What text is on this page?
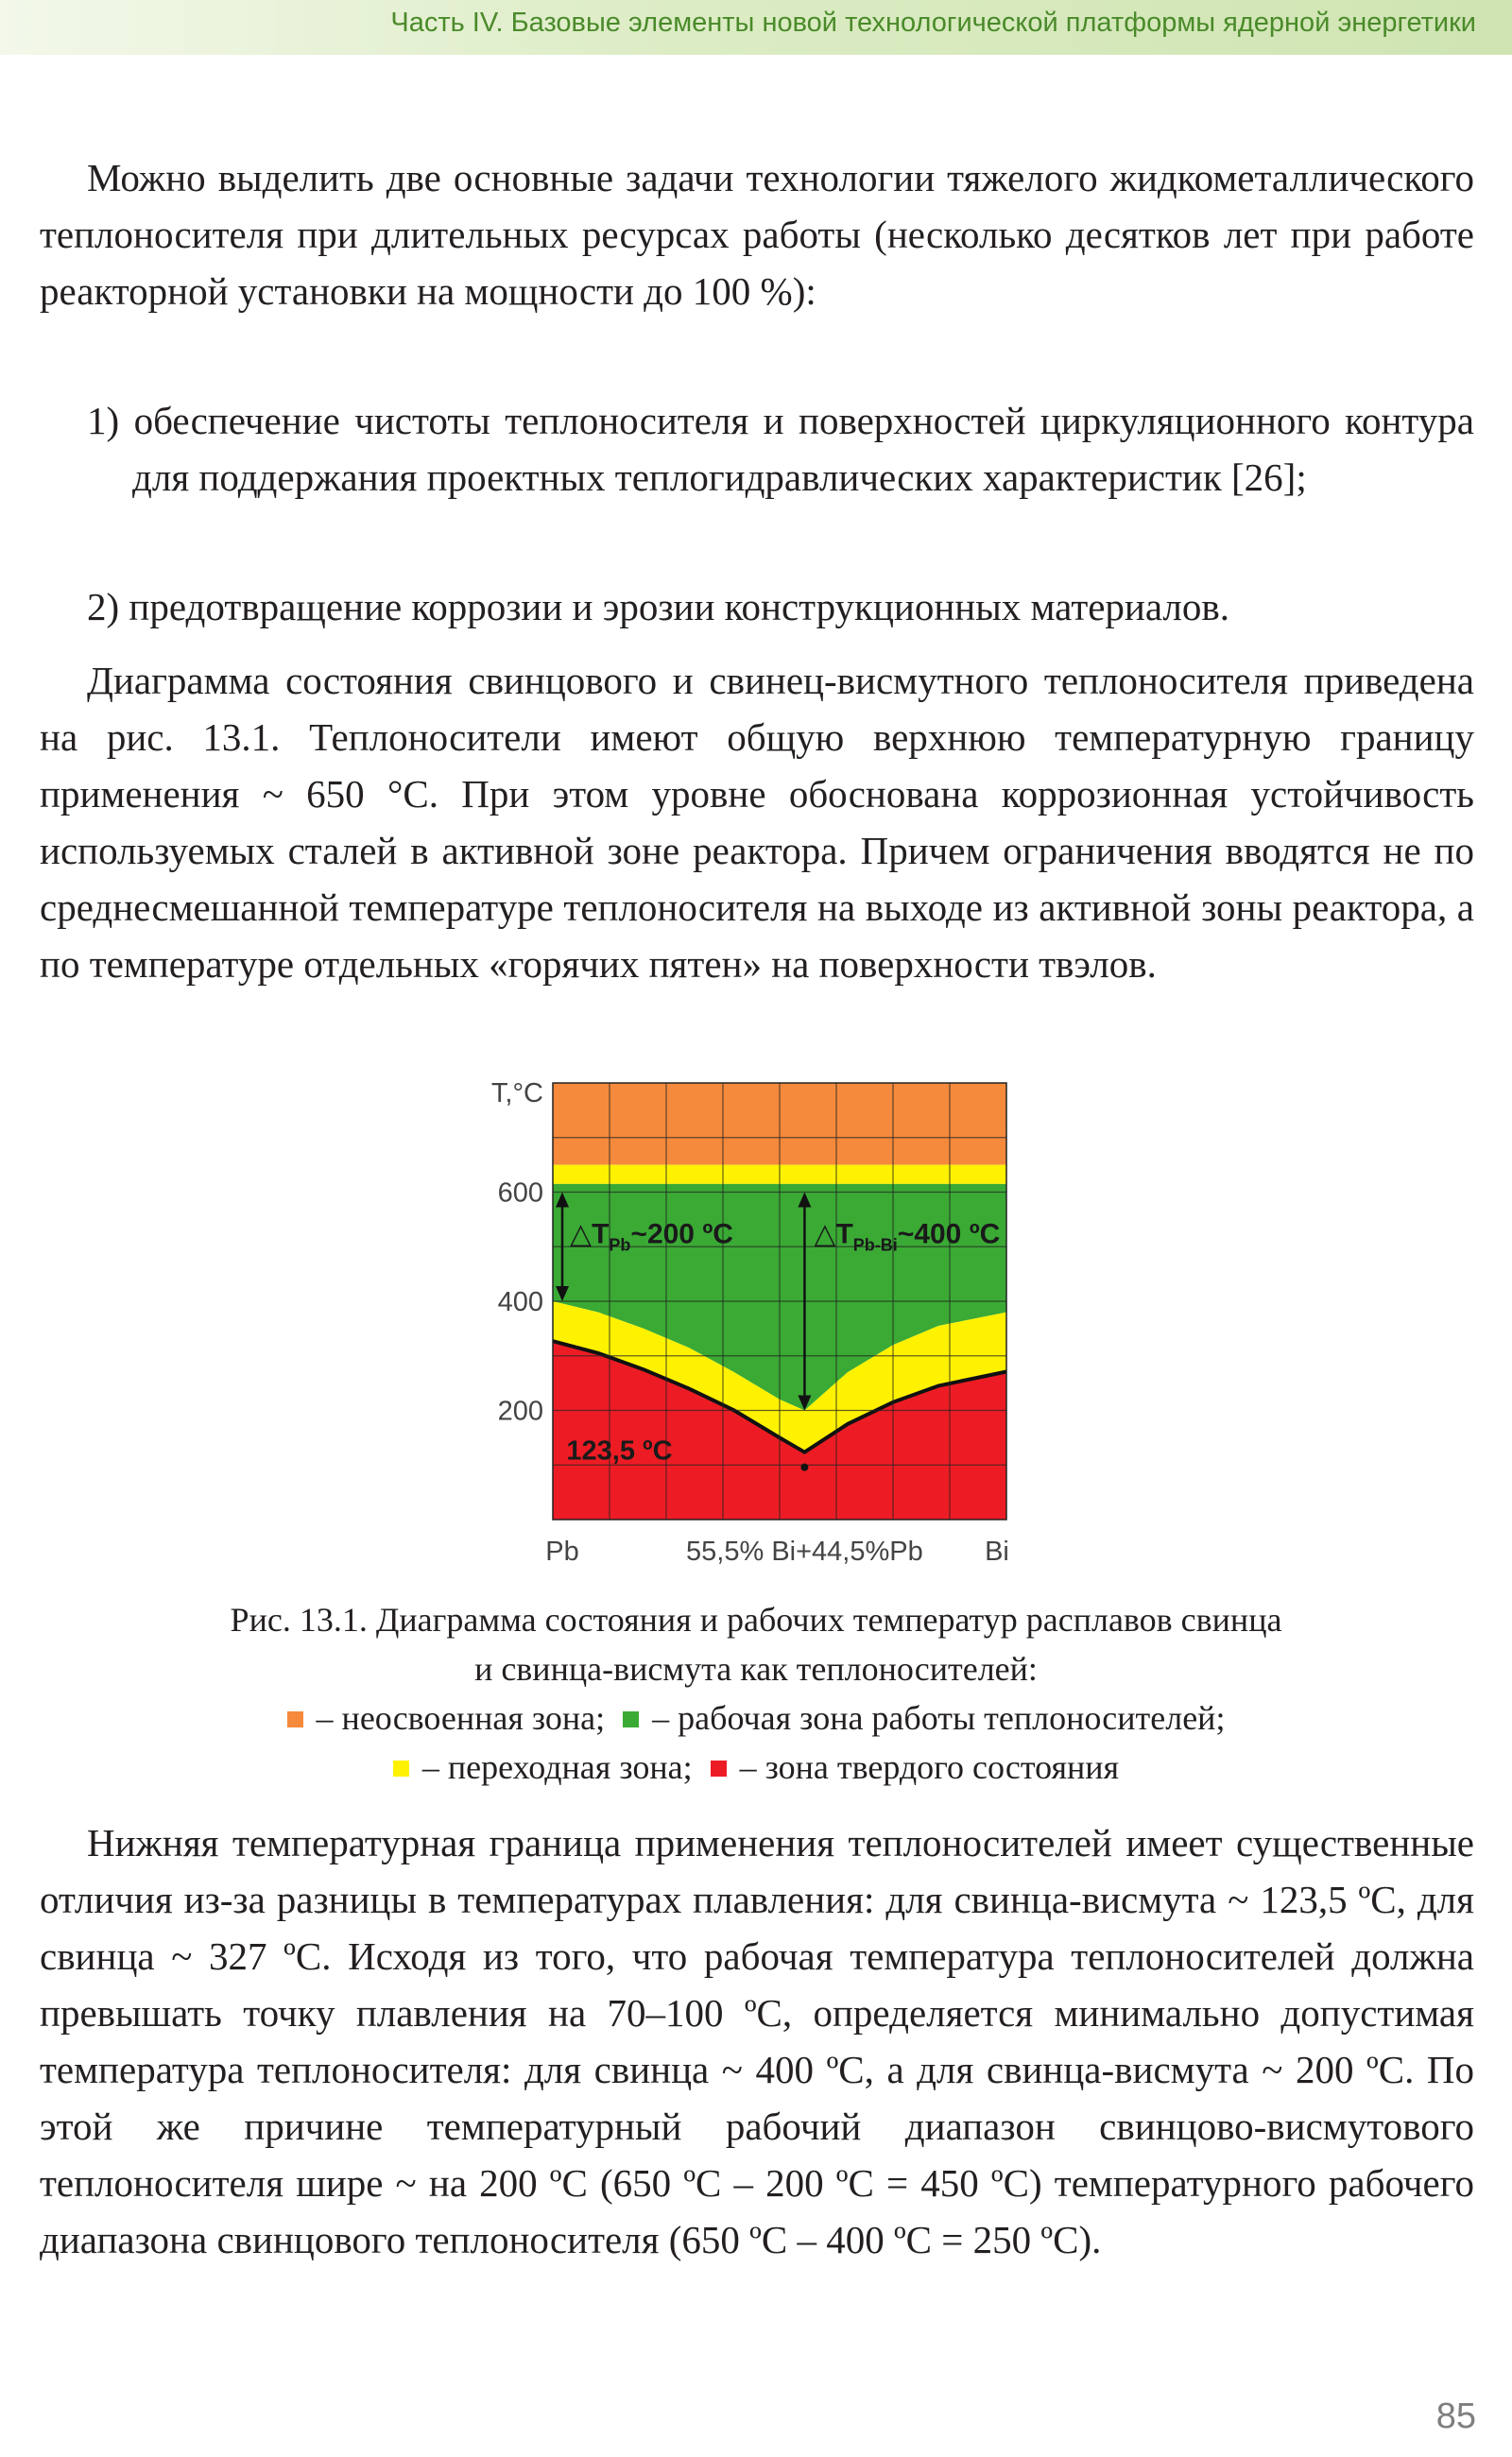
Часть IV. Базовые элементы новой технологической платформы ядерной энергетики

Можно выделить две основные задачи технологии тяжелого жидкометаллического теплоносителя при длительных ресурсах работы (несколько десятков лет при работе реакторной установки на мощности до 100 %):

1) обеспечение чистоты теплоносителя и поверхностей циркуляционного контура для поддержания проектных теплогидравлических характеристик [26];

2) предотвращение коррозии и эрозии конструкционных материалов.

Диаграмма состояния свинцового и свинец-висмутного теплоносителя приведена на рис. 13.1. Теплоносители имеют общую верхнюю температурную границу применения ~ 650 °С. При этом уровне обоснована коррозионная устойчивость используемых сталей в активной зоне реактора. Причем ограничения вводятся не по среднесмешанной температуре теплоносителя на выходе из активной зоны реактора, а по температуре отдельных «горячих пятен» на поверхности твэлов.

T,°C
200
400
600
Pb	55,5% Bi+44,5%Pb Bi
$\triangle T_{Pb}\sim 200$ ºC	$\triangle T_{Pb-Bi}\sim 400$ ºC
123,5 ºC
Рис. 13.1. Диаграмма состояния и рабочих температур расплавов свинца
и свинца-висмута как теплоносителей:
– неосвоенная зона; – рабочая зона работы теплоносителей;
– переходная зона; – зона твердого состояния

Нижняя температурная граница применения теплоносителей имеет существенные отличия из-за разницы в температурах плавления: для свинца-висмута ~ 123,5 ºС, для свинца ~ 327 ºС. Исходя из того, что рабочая температура теплоносителей должна превышать точку плавления на 70–100 ºС, определяется минимально допустимая температура теплоносителя: для свинца ~ 400 ºС, а для свинца-висмута ~ 200 ºС. По этой же причине температурный рабочий диапазон свинцово-висмутового теплоносителя шире ~ на 200 ºС (650 ºС – 200 ºС = 450 ºС) температурного рабочего диапазона свинцового теплоносителя (650 ºС – 400 ºС = 250 ºС).

85
